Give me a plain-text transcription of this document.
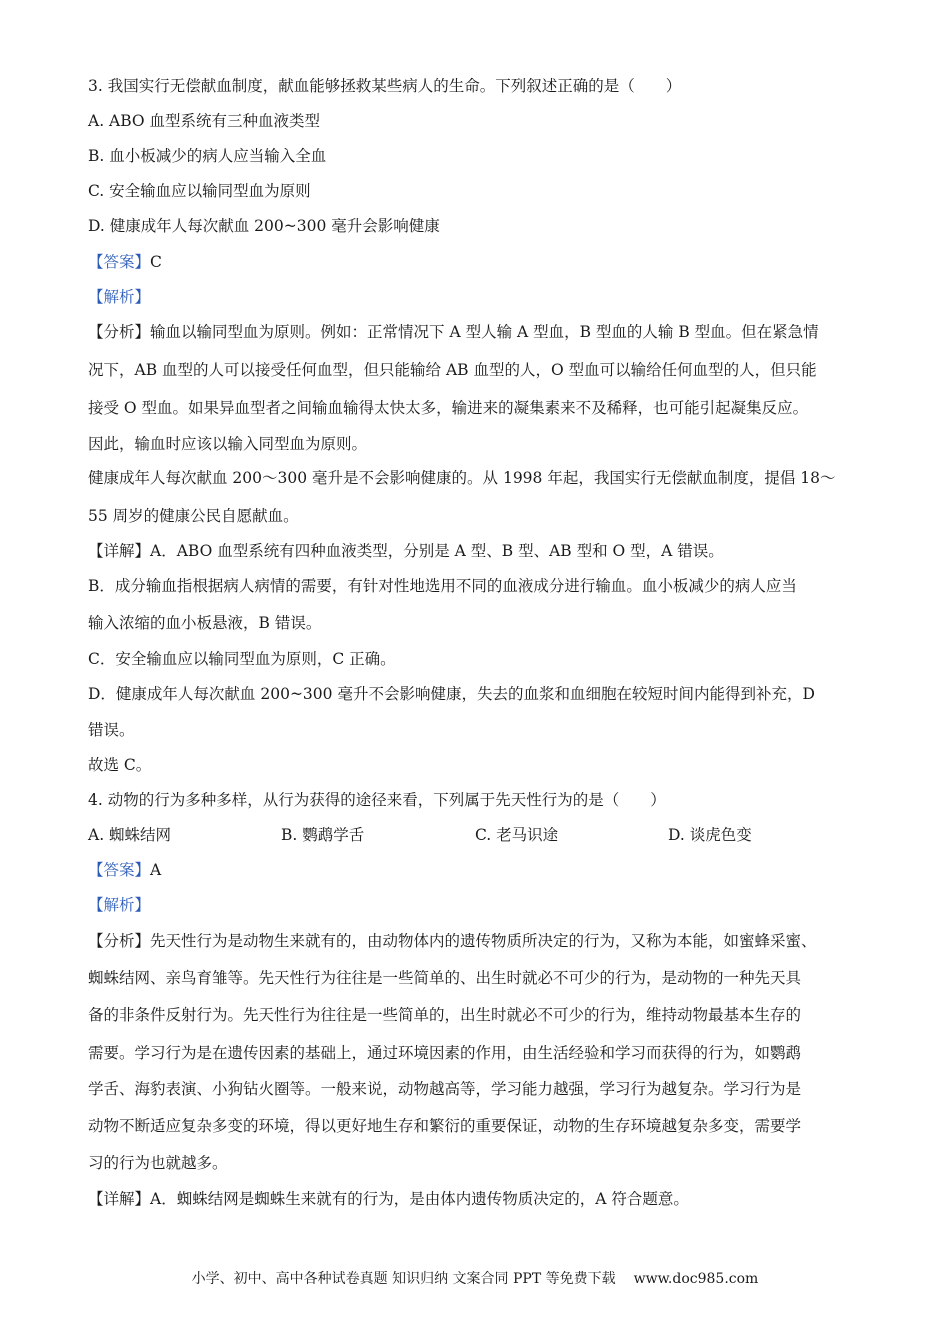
3. 我国实行无偿献血制度，献血能够拯救某些病人的生命。下列叙述正确的是（　　）
A. ABO 血型系统有三种血液类型
B. 血小板减少的病人应当输入全血
C. 安全输血应以输同型血为原则
D. 健康成年人每次献血 200~300 毫升会影响健康
【答案】C
【解析】
【分析】输血以输同型血为原则。例如：正常情况下 A 型人输 A 型血，B 型血的人输 B 型血。但在紧急情
况下，AB 血型的人可以接受任何血型，但只能输给 AB 血型的人，O 型血可以输给任何血型的人，但只能
接受 O 型血。如果异血型者之间输血输得太快太多，输进来的凝集素来不及稀释，也可能引起凝集反应。
因此，输血时应该以输入同型血为原则。
健康成年人每次献血 200～300 毫升是不会影响健康的。从 1998 年起，我国实行无偿献血制度，提倡 18～
55 周岁的健康公民自愿献血。
【详解】A．ABO 血型系统有四种血液类型，分别是 A 型、B 型、AB 型和 O 型，A 错误。
B．成分输血指根据病人病情的需要，有针对性地选用不同的血液成分进行输血。血小板减少的病人应当
输入浓缩的血小板悬液，B 错误。
C．安全输血应以输同型血为原则，C 正确。
D．健康成年人每次献血 200~300 毫升不会影响健康，失去的血浆和血细胞在较短时间内能得到补充，D
错误。
故选 C。
4. 动物的行为多种多样，从行为获得的途径来看，下列属于先天性行为的是（　　）
A. 蜘蛛结网	B. 鹦鹉学舌	C. 老马识途	D. 谈虎色变
【答案】A
【解析】
【分析】先天性行为是动物生来就有的，由动物体内的遗传物质所决定的行为，又称为本能，如蜜蜂采蜜、
蜘蛛结网、亲鸟育雏等。先天性行为往往是一些简单的、出生时就必不可少的行为，是动物的一种先天具
备的非条件反射行为。先天性行为往往是一些简单的，出生时就必不可少的行为，维持动物最基本生存的
需要。学习行为是在遗传因素的基础上，通过环境因素的作用，由生活经验和学习而获得的行为，如鹦鹉
学舌、海豹表演、小狗钻火圈等。一般来说，动物越高等，学习能力越强，学习行为越复杂。学习行为是
动物不断适应复杂多变的环境，得以更好地生存和繁衍的重要保证，动物的生存环境越复杂多变，需要学
习的行为也就越多。
【详解】A．蜘蛛结网是蜘蛛生来就有的行为，是由体内遗传物质决定的，A 符合题意。
小学、初中、高中各种试卷真题 知识归纳 文案合同 PPT 等免费下载 www.doc985.com
